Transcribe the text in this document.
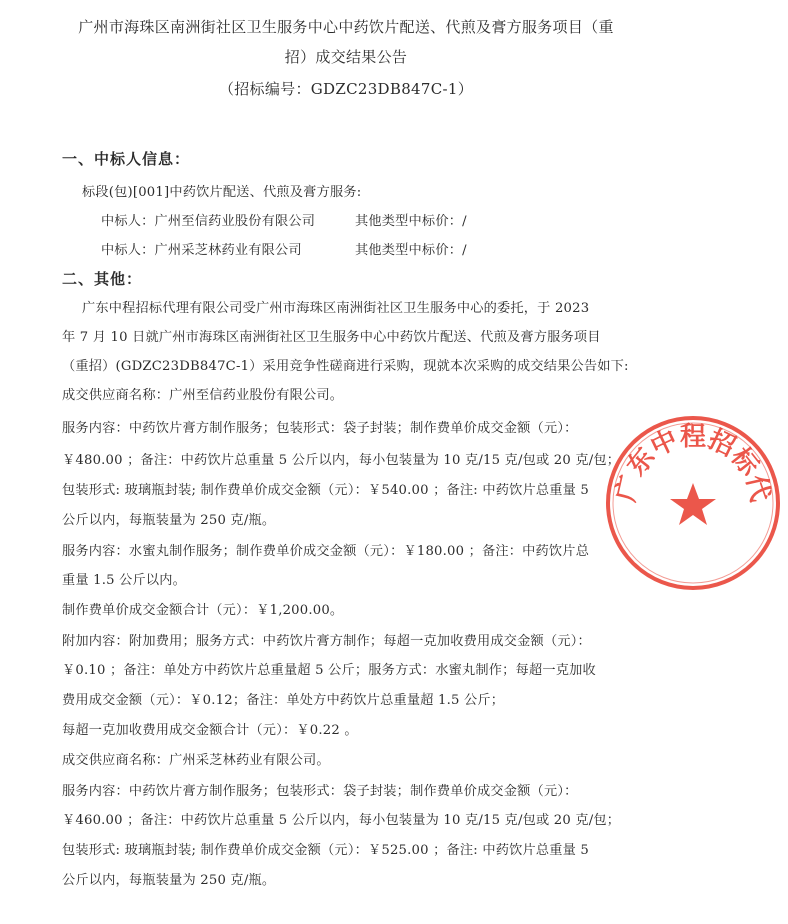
广州市海珠区南洲街社区卫生服务中心中药饮片配送、代煎及膏方服务项目（重
招）成交结果公告
（招标编号：GDZC23DB847C-1）
一、中标人信息：
标段(包)[001]中药饮片配送、代煎及膏方服务:
中标人：广州至信药业股份有限公司	其他类型中标价：/
中标人：广州采芝林药业有限公司	其他类型中标价：/
二、其他：
广东中程招标代理有限公司受广州市海珠区南洲街社区卫生服务中心的委托，于 2023
年 7 月 10 日就广州市海珠区南洲街社区卫生服务中心中药饮片配送、代煎及膏方服务项目
（重招）(GDZC23DB847C-1）采用竞争性磋商进行采购，现就本次采购的成交结果公告如下:
成交供应商名称：广州至信药业股份有限公司。
服务内容：中药饮片膏方制作服务；包装形式：袋子封装；制作费单价成交金额（元）：
￥480.00 ；备注：中药饮片总重量 5 公斤以内，每小包装量为 10 克/15 克/包或 20 克/包；
包装形式: 玻璃瓶封装; 制作费单价成交金额（元）：￥540.00 ；备注: 中药饮片总重量 5
公斤以内，每瓶装量为 250 克/瓶。
服务内容：水蜜丸制作服务；制作费单价成交金额（元）：￥180.00 ；备注：中药饮片总
重量 1.5 公斤以内。
制作费单价成交金额合计（元）：￥1,200.00。
附加内容：附加费用；服务方式：中药饮片膏方制作；每超一克加收费用成交金额（元）：
￥0.10 ；备注：单处方中药饮片总重量超 5 公斤；服务方式：水蜜丸制作；每超一克加收
费用成交金额（元）：￥0.12；备注：单处方中药饮片总重量超 1.5 公斤；
每超一克加收费用成交金额合计（元）：￥0.22 。
成交供应商名称：广州采芝林药业有限公司。
服务内容：中药饮片膏方制作服务；包装形式：袋子封装；制作费单价成交金额（元）：
￥460.00 ；备注：中药饮片总重量 5 公斤以内，每小包装量为 10 克/15 克/包或 20 克/包；
包装形式: 玻璃瓶封装; 制作费单价成交金额（元）：￥525.00 ；备注: 中药饮片总重量 5
公斤以内，每瓶装量为 250 克/瓶。
广东中程招标代
